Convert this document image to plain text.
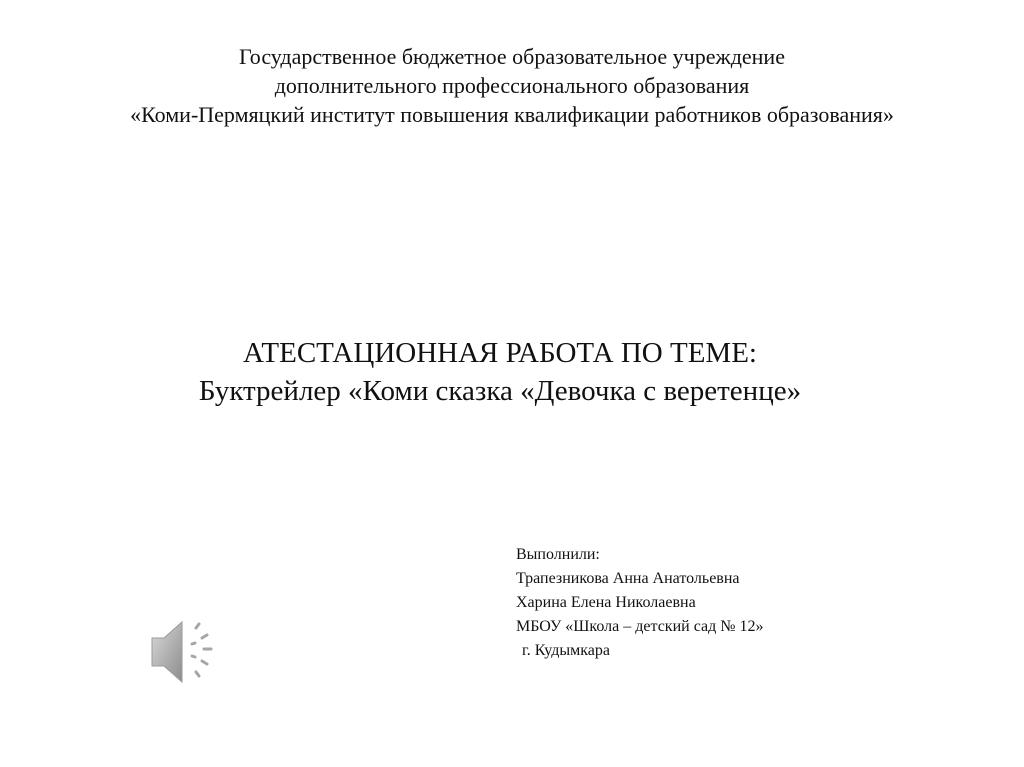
Государственное бюджетное образовательное учреждение
дополнительного профессионального образования
«Коми-Пермяцкий институт повышения квалификации работников образования»
АТЕСТАЦИОННАЯ РАБОТА ПО ТЕМЕ:
Буктрейлер «Коми сказка «Девочка с веретенце»
Выполнили:
Трапезникова Анна Анатольевна
Харина Елена Николаевна
МБОУ «Школа – детский сад № 12»
г. Кудымкара
